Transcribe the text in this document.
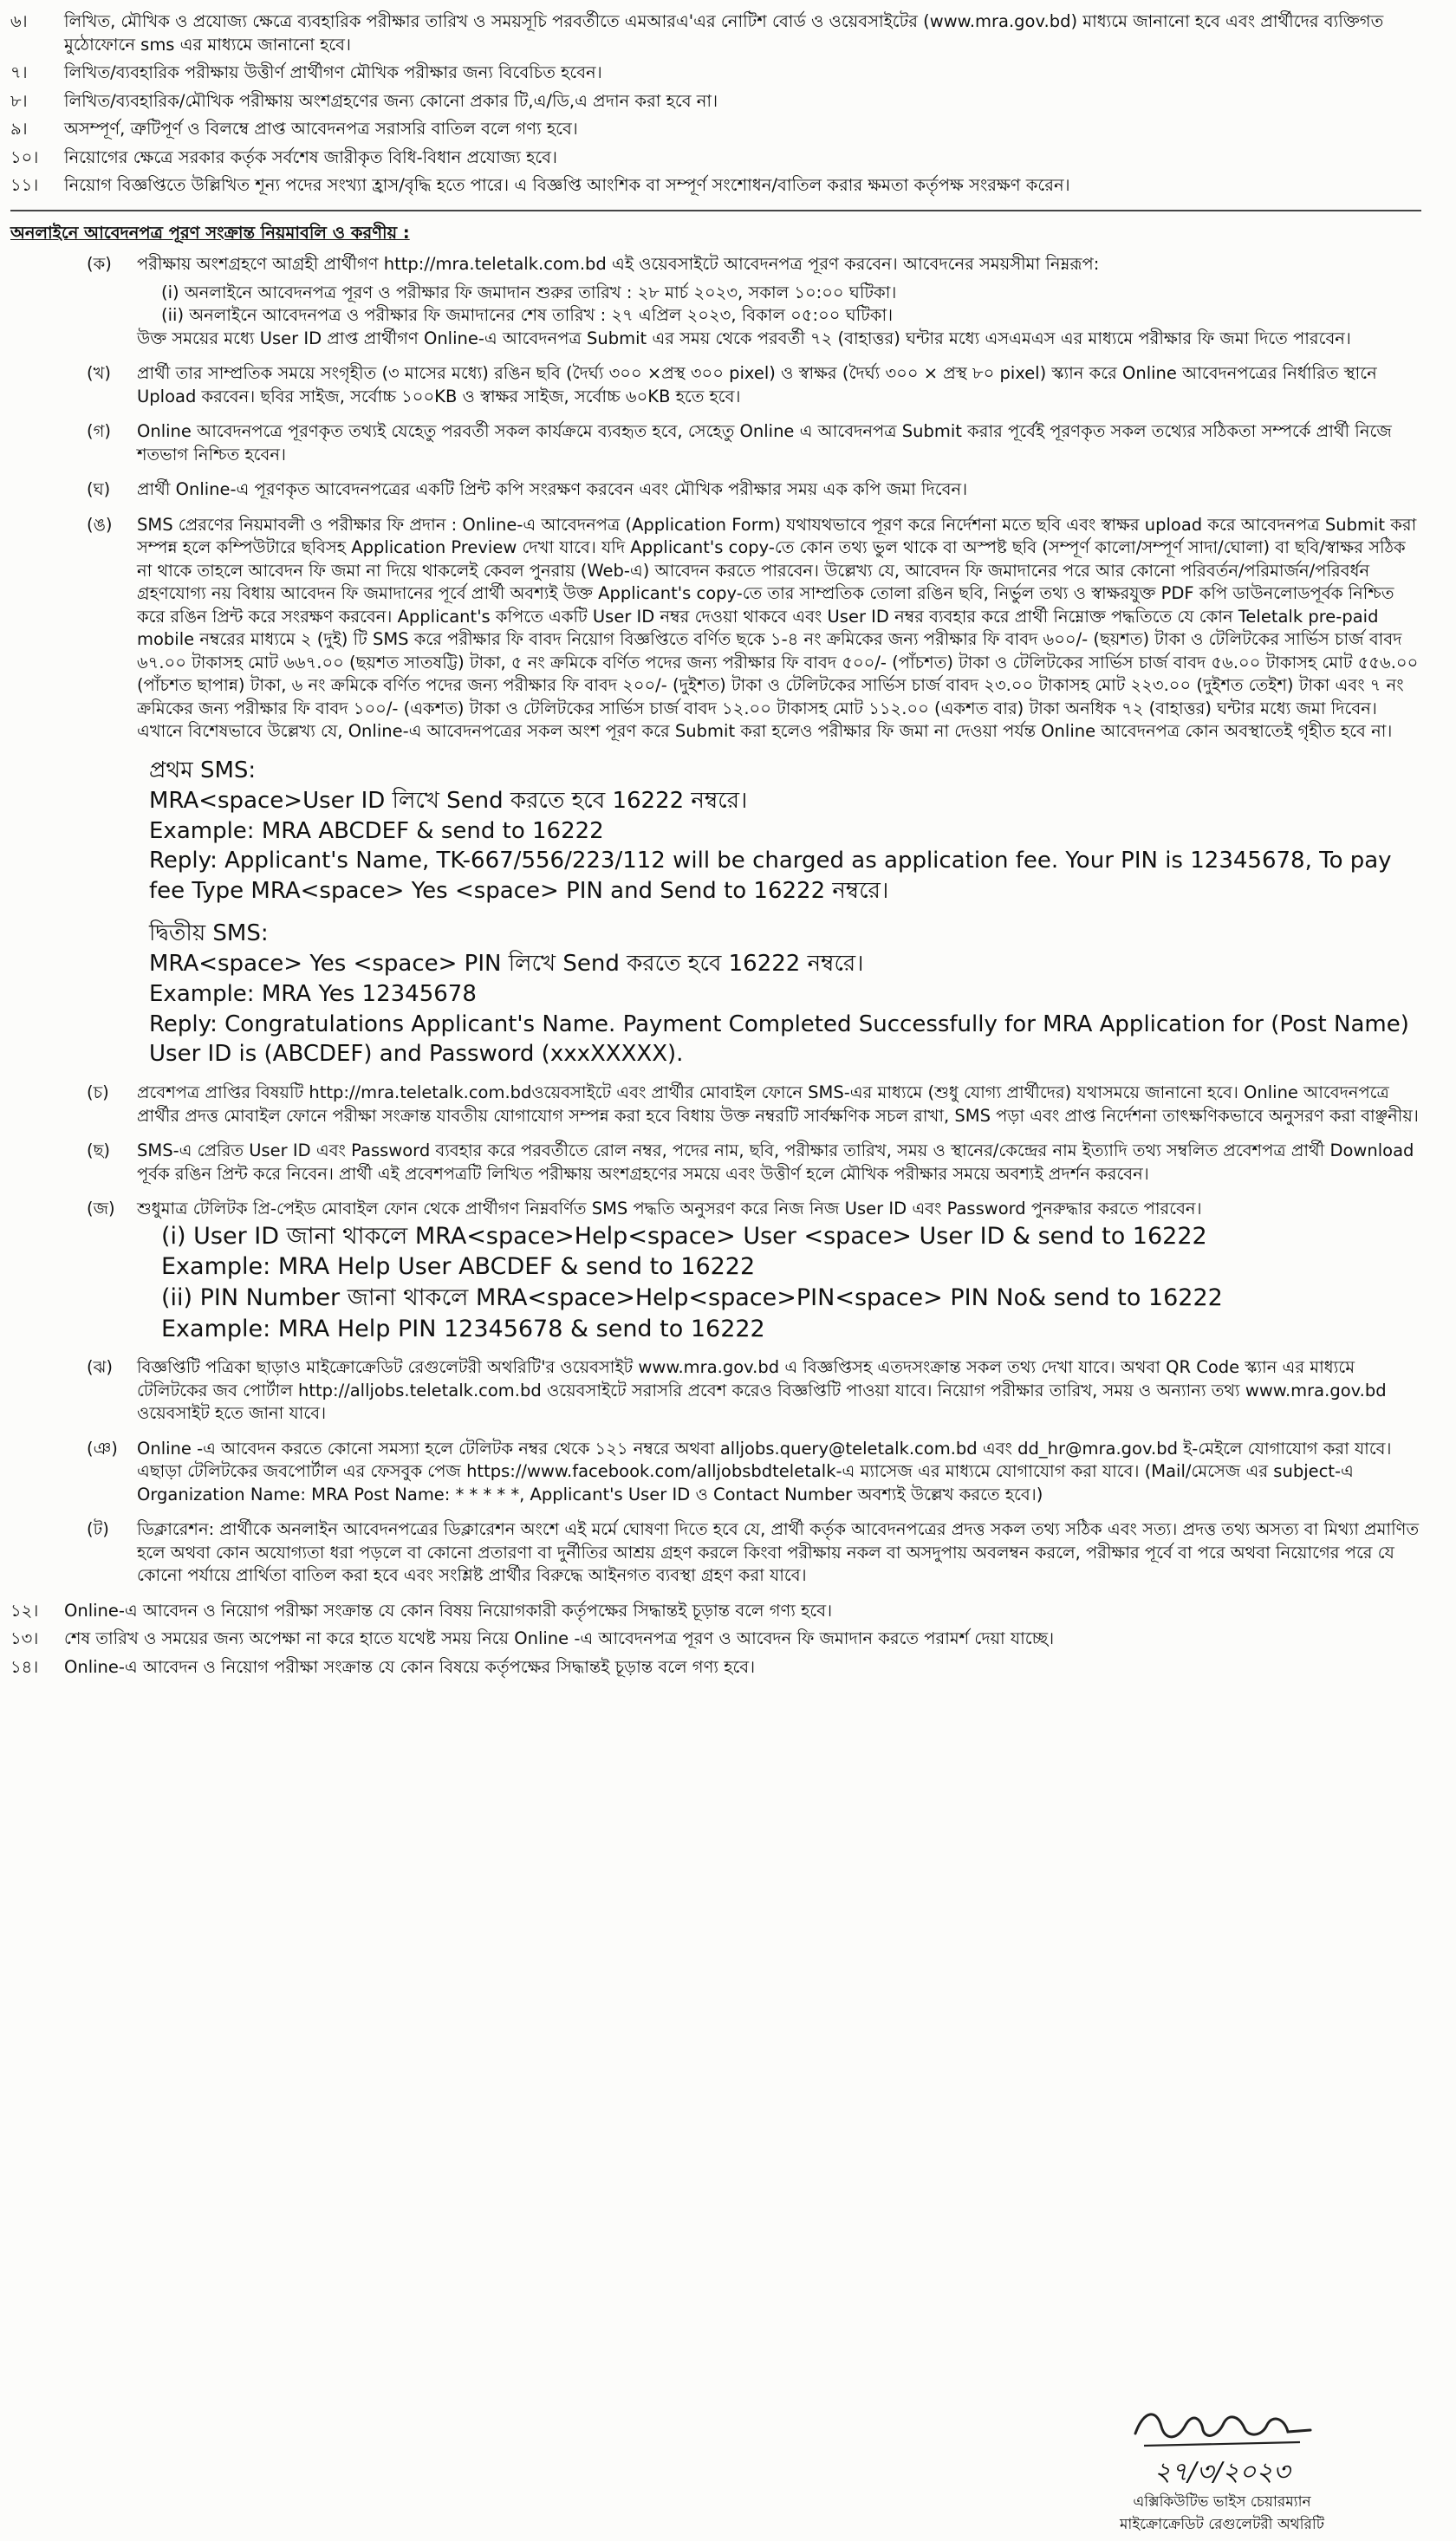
৬।	লিখিত, মৌখিক ও প্রযোজ্য ক্ষেত্রে ব্যবহারিক পরীক্ষার তারিখ ও সময়সূচি পরবর্তীতে এমআরএ'এর নোটিশ বোর্ড ও ওয়েবসাইটের (www.mra.gov.bd) মাধ্যমে জানানো হবে এবং প্রার্থীদের ব্যক্তিগত মুঠোফোনে sms এর মাধ্যমে জানানো হবে।
৭।	লিখিত/ব্যবহারিক পরীক্ষায় উত্তীর্ণ প্রার্থীগণ মৌখিক পরীক্ষার জন্য বিবেচিত হবেন।
৮।	লিখিত/ব্যবহারিক/মৌখিক পরীক্ষায় অংশগ্রহণের জন্য কোনো প্রকার টি,এ/ডি,এ প্রদান করা হবে না।
৯।	অসম্পূর্ণ, ত্রুটিপূর্ণ ও বিলম্বে প্রাপ্ত আবেদনপত্র সরাসরি বাতিল বলে গণ্য হবে।
১০।	নিয়োগের ক্ষেত্রে সরকার কর্তৃক সর্বশেষ জারীকৃত বিধি-বিধান প্রযোজ্য হবে।
১১।	নিয়োগ বিজ্ঞপ্তিতে উল্লিখিত শূন্য পদের সংখ্যা হ্রাস/বৃদ্ধি হতে পারে। এ বিজ্ঞপ্তি আংশিক বা সম্পূর্ণ সংশোধন/বাতিল করার ক্ষমতা কর্তৃপক্ষ সংরক্ষণ করেন।
অনলাইনে আবেদনপত্র পূরণ সংক্রান্ত নিয়মাবলি ও করণীয় :
(ক)	পরীক্ষায় অংশগ্রহণে আগ্রহী প্রার্থীগণ http://mra.teletalk.com.bd এই ওয়েবসাইটে আবেদনপত্র পূরণ করবেন। আবেদনের সময়সীমা নিম্নরূপ:
(i) অনলাইনে আবেদনপত্র পূরণ ও পরীক্ষার ফি জমাদান শুরুর তারিখ : ২৮ মার্চ ২০২৩, সকাল ১০:০০ ঘটিকা।
(ii) অনলাইনে আবেদনপত্র ও পরীক্ষার ফি জমাদানের শেষ তারিখ : ২৭ এপ্রিল ২০২৩, বিকাল ০৫:০০ ঘটিকা।
উক্ত সময়ের মধ্যে User ID প্রাপ্ত প্রার্থীগণ Online-এ আবেদনপত্র Submit এর সময় থেকে পরবর্তী ৭২ (বাহাত্তর) ঘন্টার মধ্যে এসএমএস এর মাধ্যমে পরীক্ষার ফি জমা দিতে পারবেন।
(খ)	প্রার্থী তার সাম্প্রতিক সময়ে সংগৃহীত (৩ মাসের মধ্যে) রঙিন ছবি (দৈর্ঘ্য ৩০০ ×প্রস্থ ৩০০ pixel) ও স্বাক্ষর (দৈর্ঘ্য ৩০০ × প্রস্থ ৮০ pixel) স্ক্যান করে Online আবেদনপত্রের নির্ধারিত স্থানে Upload করবেন। ছবির সাইজ, সর্বোচ্চ ১০০KB ও স্বাক্ষর সাইজ, সর্বোচ্চ ৬০KB হতে হবে।
(গ)	Online আবেদনপত্রে পূরণকৃত তথ্যই যেহেতু পরবর্তী সকল কার্যক্রমে ব্যবহৃত হবে, সেহেতু Online এ আবেদনপত্র Submit করার পূর্বেই পূরণকৃত সকল তথ্যের সঠিকতা সম্পর্কে প্রার্থী নিজে শতভাগ নিশ্চিত হবেন।
(ঘ)	প্রার্থী Online-এ পূরণকৃত আবেদনপত্রের একটি প্রিন্ট কপি সংরক্ষণ করবেন এবং মৌখিক পরীক্ষার সময় এক কপি জমা দিবেন।
(ঙ)	SMS প্রেরণের নিয়মাবলী ও পরীক্ষার ফি প্রদান : Online-এ আবেদনপত্র (Application Form) যথাযথভাবে পূরণ করে নির্দেশনা মতে ছবি এবং স্বাক্ষর upload করে আবেদনপত্র Submit করা সম্পন্ন হলে কম্পিউটারে ছবিসহ Application Preview দেখা যাবে। যদি Applicant's copy-তে কোন তথ্য ভুল থাকে বা অস্পষ্ট ছবি (সম্পূর্ণ কালো/সম্পূর্ণ সাদা/ঘোলা) বা ছবি/স্বাক্ষর সঠিক না থাকে তাহলে আবেদন ফি জমা না দিয়ে থাকলেই কেবল পুনরায় (Web-এ) আবেদন করতে পারবেন। উল্লেখ্য যে, আবেদন ফি জমাদানের পরে আর কোনো পরিবর্তন/পরিমার্জন/পরিবর্ধন গ্রহণযোগ্য নয় বিধায় আবেদন ফি জমাদানের পূর্বে প্রার্থী অবশ্যই উক্ত Applicant's copy-তে তার সাম্প্রতিক তোলা রঙিন ছবি, নির্ভুল তথ্য ও স্বাক্ষরযুক্ত PDF কপি ডাউনলোডপূর্বক নিশ্চিত করে রঙিন প্রিন্ট করে সংরক্ষণ করবেন। Applicant's কপিতে একটি User ID নম্বর দেওয়া থাকবে এবং User ID নম্বর ব্যবহার করে প্রার্থী নিম্নোক্ত পদ্ধতিতে যে কোন Teletalk pre-paid mobile নম্বরের মাধ্যমে ২ (দুই) টি SMS করে পরীক্ষার ফি বাবদ নিয়োগ বিজ্ঞপ্তিতে বর্ণিত ছকে ১-৪ নং ক্রমিকের জন্য পরীক্ষার ফি বাবদ ৬০০/- (ছয়শত) টাকা ও টেলিটকের সার্ভিস চার্জ বাবদ ৬৭.০০ টাকাসহ মোট ৬৬৭.০০ (ছয়শত সাতষট্টি) টাকা, ৫ নং ক্রমিকে বর্ণিত পদের জন্য পরীক্ষার ফি বাবদ ৫০০/- (পাঁচশত) টাকা ও টেলিটকের সার্ভিস চার্জ বাবদ ৫৬.০০ টাকাসহ মোট ৫৫৬.০০ (পাঁচশত ছাপান্ন) টাকা, ৬ নং ক্রমিকে বর্ণিত পদের জন্য পরীক্ষার ফি বাবদ ২০০/- (দুইশত) টাকা ও টেলিটকের সার্ভিস চার্জ বাবদ ২৩.০০ টাকাসহ মোট ২২৩.০০ (দুইশত তেইশ) টাকা এবং ৭ নং ক্রমিকের জন্য পরীক্ষার ফি বাবদ ১০০/- (একশত) টাকা ও টেলিটকের সার্ভিস চার্জ বাবদ ১২.০০ টাকাসহ মোট ১১২.০০ (একশত বার) টাকা অনধিক ৭২ (বাহাত্তর) ঘন্টার মধ্যে জমা দিবেন। এখানে বিশেষভাবে উল্লেখ্য যে, Online-এ আবেদনপত্রের সকল অংশ পূরণ করে Submit করা হলেও পরীক্ষার ফি জমা না দেওয়া পর্যন্ত Online আবেদনপত্র কোন অবস্থাতেই গৃহীত হবে না।
প্রথম SMS:
MRA<space>User ID লিখে Send করতে হবে 16222 নম্বরে।
Example: MRA ABCDEF & send to 16222
Reply: Applicant's Name, TK-667/556/223/112 will be charged as application fee. Your PIN is 12345678, To pay fee Type MRA<space> Yes <space> PIN and Send to 16222 নম্বরে।
দ্বিতীয় SMS:
MRA<space> Yes <space> PIN লিখে Send করতে হবে 16222 নম্বরে।
Example: MRA Yes 12345678
Reply: Congratulations Applicant's Name. Payment Completed Successfully for MRA Application for (Post Name) User ID is (ABCDEF) and Password (xxxXXXXX).
(চ)	প্রবেশপত্র প্রাপ্তির বিষয়টি http://mra.teletalk.com.bdওয়েবসাইটে এবং প্রার্থীর মোবাইল ফোনে SMS-এর মাধ্যমে (শুধু যোগ্য প্রার্থীদের) যথাসময়ে জানানো হবে। Online আবেদনপত্রে প্রার্থীর প্রদত্ত মোবাইল ফোনে পরীক্ষা সংক্রান্ত যাবতীয় যোগাযোগ সম্পন্ন করা হবে বিধায় উক্ত নম্বরটি সার্বক্ষণিক সচল রাখা, SMS পড়া এবং প্রাপ্ত নির্দেশনা তাৎক্ষণিকভাবে অনুসরণ করা বাঞ্ছনীয়।
(ছ)	SMS-এ প্রেরিত User ID এবং Password ব্যবহার করে পরবর্তীতে রোল নম্বর, পদের নাম, ছবি, পরীক্ষার তারিখ, সময় ও স্থানের/কেন্দ্রের নাম ইত্যাদি তথ্য সম্বলিত প্রবেশপত্র প্রার্থী Download পূর্বক রঙিন প্রিন্ট করে নিবেন। প্রার্থী এই প্রবেশপত্রটি লিখিত পরীক্ষায় অংশগ্রহণের সময়ে এবং উত্তীর্ণ হলে মৌখিক পরীক্ষার সময়ে অবশ্যই প্রদর্শন করবেন।
(জ)	শুধুমাত্র টেলিটক প্রি-পেইড মোবাইল ফোন থেকে প্রার্থীগণ নিম্নবর্ণিত SMS পদ্ধতি অনুসরণ করে নিজ নিজ User ID এবং Password পুনরুদ্ধার করতে পারবেন।
(i) User ID জানা থাকলে MRA<space>Help<space> User <space> User ID & send to 16222
Example: MRA Help User ABCDEF & send to 16222
(ii) PIN Number জানা থাকলে MRA<space>Help<space>PIN<space> PIN No& send to 16222
Example: MRA Help PIN 12345678 & send to 16222
(ঝ)	বিজ্ঞপ্তিটি পত্রিকা ছাড়াও মাইক্রোক্রেডিট রেগুলেটরী অথরিটি'র ওয়েবসাইট www.mra.gov.bd এ বিজ্ঞপ্তিসহ এতদসংক্রান্ত সকল তথ্য দেখা যাবে। অথবা QR Code স্ক্যান এর মাধ্যমে টেলিটকের জব পোর্টাল http://alljobs.teletalk.com.bd ওয়েবসাইটে সরাসরি প্রবেশ করেও বিজ্ঞপ্তিটি পাওয়া যাবে। নিয়োগ পরীক্ষার তারিখ, সময় ও অন্যান্য তথ্য www.mra.gov.bd ওয়েবসাইট হতে জানা যাবে।
(ঞ)	Online -এ আবেদন করতে কোনো সমস্যা হলে টেলিটক নম্বর থেকে ১২১ নম্বরে অথবা alljobs.query@teletalk.com.bd এবং dd_hr@mra.gov.bd ই-মেইলে যোগাযোগ করা যাবে। এছাড়া টেলিটকের জবপোর্টাল এর ফেসবুক পেজ https://www.facebook.com/alljobsbdteletalk-এ ম্যাসেজ এর মাধ্যমে যোগাযোগ করা যাবে। (Mail/মেসেজ এর subject-এ Organization Name: MRA Post Name: * * * * *, Applicant's User ID ও Contact Number অবশ্যই উল্লেখ করতে হবে।)
(ট)	ডিক্লারেশন: প্রার্থীকে অনলাইন আবেদনপত্রের ডিক্লারেশন অংশে এই মর্মে ঘোষণা দিতে হবে যে, প্রার্থী কর্তৃক আবেদনপত্রের প্রদত্ত সকল তথ্য সঠিক এবং সত্য। প্রদত্ত তথ্য অসত্য বা মিথ্যা প্রমাণিত হলে অথবা কোন অযোগ্যতা ধরা পড়লে বা কোনো প্রতারণা বা দুর্নীতির আশ্রয় গ্রহণ করলে কিংবা পরীক্ষায় নকল বা অসদুপায় অবলম্বন করলে, পরীক্ষার পূর্বে বা পরে অথবা নিয়োগের পরে যে কোনো পর্যায়ে প্রার্থিতা বাতিল করা হবে এবং সংশ্লিষ্ট প্রার্থীর বিরুদ্ধে আইনগত ব্যবস্থা গ্রহণ করা যাবে।
১২।	Online-এ আবেদন ও নিয়োগ পরীক্ষা সংক্রান্ত যে কোন বিষয় নিয়োগকারী কর্তৃপক্ষের সিদ্ধান্তই চূড়ান্ত বলে গণ্য হবে।
১৩।	শেষ তারিখ ও সময়ের জন্য অপেক্ষা না করে হাতে যথেষ্ট সময় নিয়ে Online -এ আবেদনপত্র পূরণ ও আবেদন ফি জমাদান করতে পরামর্শ দেয়া যাচ্ছে।
১৪।	Online-এ আবেদন ও নিয়োগ পরীক্ষা সংক্রান্ত যে কোন বিষয়ে কর্তৃপক্ষের সিদ্ধান্তই চূড়ান্ত বলে গণ্য হবে।
২৭/৩/২০২৩
এক্সিকিউটিভ ভাইস চেয়ারম্যান
মাইক্রোক্রেডিট রেগুলেটরী অথরিটি
